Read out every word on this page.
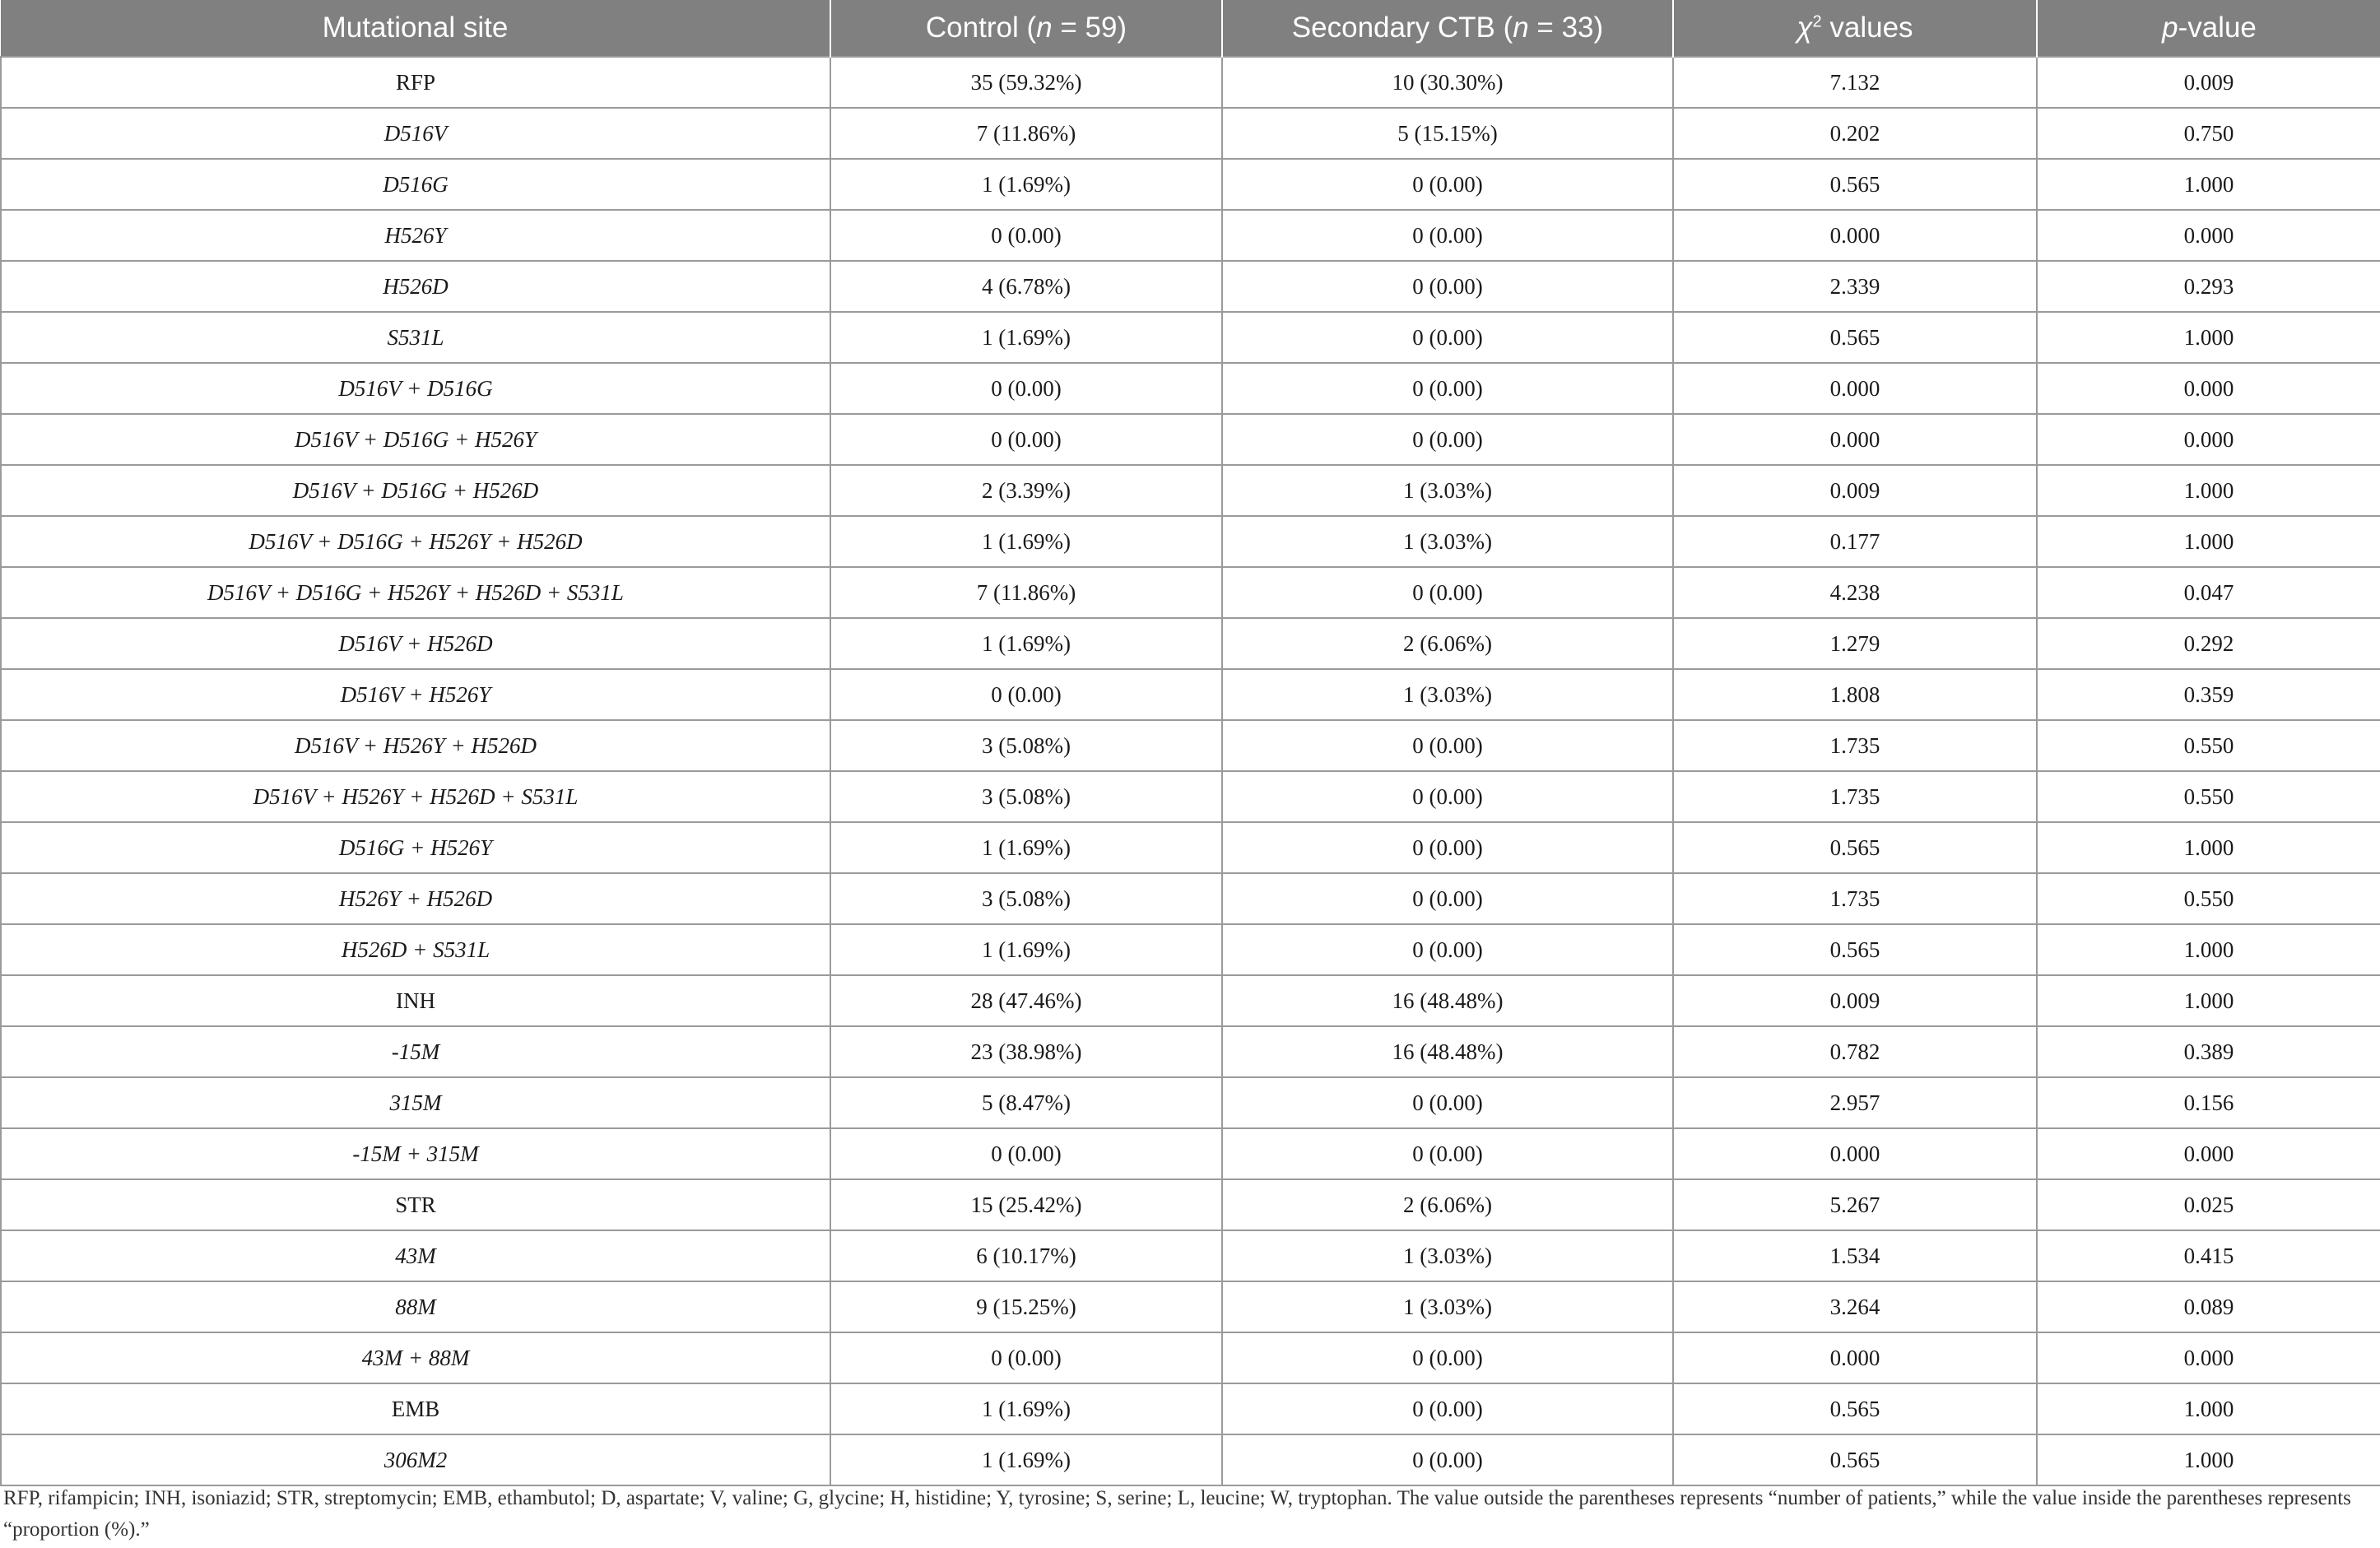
Mutational site	Control (n = 59)	Secondary CTB (n = 33)	$\chi^2$ values	p-value
RFP	35 (59.32%)	10 (30.30%)	7.132	0.009
D516V	7 (11.86%)	5 (15.15%)	0.202	0.750
D516G	1 (1.69%)	0 (0.00)	0.565	1.000
H526Y	0 (0.00)	0 (0.00)	0.000	0.000
H526D	4 (6.78%)	0 (0.00)	2.339	0.293
S531L	1 (1.69%)	0 (0.00)	0.565	1.000
D516V + D516G	0 (0.00)	0 (0.00)	0.000	0.000
D516V + D516G + H526Y	0 (0.00)	0 (0.00)	0.000	0.000
D516V + D516G + H526D	2 (3.39%)	1 (3.03%)	0.009	1.000
D516V + D516G + H526Y + H526D	1 (1.69%)	1 (3.03%)	0.177	1.000
D516V + D516G + H526Y + H526D + S531L	7 (11.86%)	0 (0.00)	4.238	0.047
D516V + H526D	1 (1.69%)	2 (6.06%)	1.279	0.292
D516V + H526Y	0 (0.00)	1 (3.03%)	1.808	0.359
D516V + H526Y + H526D	3 (5.08%)	0 (0.00)	1.735	0.550
D516V + H526Y + H526D + S531L	3 (5.08%)	0 (0.00)	1.735	0.550
D516G + H526Y	1 (1.69%)	0 (0.00)	0.565	1.000
H526Y + H526D	3 (5.08%)	0 (0.00)	1.735	0.550
H526D + S531L	1 (1.69%)	0 (0.00)	0.565	1.000
INH	28 (47.46%)	16 (48.48%)	0.009	1.000
-15M	23 (38.98%)	16 (48.48%)	0.782	0.389
315M	5 (8.47%)	0 (0.00)	2.957	0.156
-15M + 315M	0 (0.00)	0 (0.00)	0.000	0.000
STR	15 (25.42%)	2 (6.06%)	5.267	0.025
43M	6 (10.17%)	1 (3.03%)	1.534	0.415
88M	9 (15.25%)	1 (3.03%)	3.264	0.089
43M + 88M	0 (0.00)	0 (0.00)	0.000	0.000
EMB	1 (1.69%)	0 (0.00)	0.565	1.000
306M2	1 (1.69%)	0 (0.00)	0.565	1.000
RFP, rifampicin; INH, isoniazid; STR, streptomycin; EMB, ethambutol; D, aspartate; V, valine; G, glycine; H, histidine; Y, tyrosine; S, serine; L, leucine; W, tryptophan. The value outside the parentheses represents “number of patients,” while the value inside the parentheses represents “proportion (%).”
